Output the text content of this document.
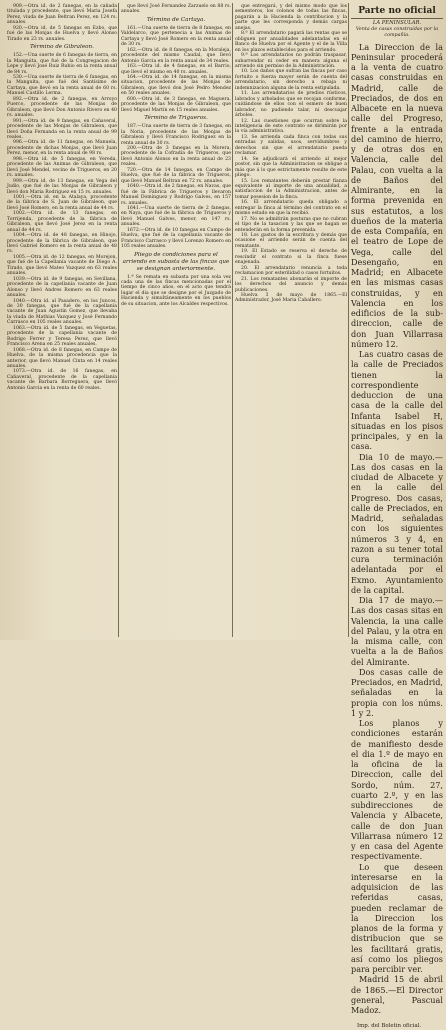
909.—Otra id. de 2 fanegas, en la cañada titulada y procedente, que llevó Maria Josefa Perez, viuda de Juan Beltran Perez, en 124 rs. anuales.

920.—Otra id. de 5 fanegas en Ezbo, que fué de las Monjas de Huelva y llevó Alonso Tirado en 23 rs. anuales.

Término de Gibraleon.

152.—Una suerte de 6 fanegas de tierra, en la Manguita, que fué de la Congregacion de Lepe y llevó José Ruiz Rubio en la renta anual de 84 rs.

530.—Una suerte de tierra de 6 fanegas, en la Manguita, que fué del Santísimo de Cartaya, que llevó en la renta anual de 60 rs. Manuel Castillo Lerma.

892.—Otra id. de 2 fanegas, en Arroyo Puerco, procedente de las Monjas de Gibraleon, que llevó Don Antonio Rivero en 40 rs. anuales.

991.—Otra id. de 9 fanegas, en Cañaveral, procedente de las Monjas de Gibraleon, que llevó Doña Fernanda en la renta anual de 99 reales.

996.—Otra id. de 11 fanegas, en Manuela, procedente de dichas Monjas, que llevó Juan Perez, menor, en la renta anual de 98 rs.

998.—Otra id. de 5 fanegas, en Vereda, procedente de las Animas de Gibraleon, que llevó José Mendel, vecino de Trigueros, en 20 rs. anuales.

999.—Otra id. de 13 fanegas, en Vega del Judío, que fué de las Monjas de Gibraleon y llevó don Maria Rodriguez en 15 rs. anuales.

1001.—Otra id. en la Atalaya, procedente de la fábrica de S. Juan de Gibraleon, que llevó José Romero, en la renta anual de 44 rs.

1002.—Otra id. de 13 fanegas, en Torrijenda, procedente de la fábrica de Gibraleon, que llevó José Jerez en la renta anual de 44 rs.

1004.—Otra id. de 48 fanegas, en Hinojo, procedente de la fábrica de Gibraleon, que llevó Gabriel Romero en la renta anual de 48 rs.

1005.—Otra id. de 12 fanegas, en Morejon, que fué de la Capellanía vacante de Diego A. Tirado, que llevó Mateo Vazquez en 63 reales anuales.

1039.—Otra id. de 9 fanegas, en Sevillana, procedente de la capellanía vacante de Juan Alonso y llevó Andres Romero en 63 reales anuales.

1040.—Otra id. al Pasadero, en los Juncos, de 30 fanegas, que fué de la capellanía vacante de Juan Agustin Gomez, que llevaba la viuda de Mathias Vazquez y José Fernando Carrasco en 105 reales anuales.

1063.—Otra id. de 5 fanegas, en Veguetas, procedente de la capellanía vacante de Rodrigo Ferrer y Teresa Perez, que llevó Francisco Arena en 25 reales anuales.

1068.—Otra id. de 8 fanegas, en Campo de Huelva, de la misma procedencia que la anterior, que llevó Manuel Cinta en 14 reales anuales.

1073.—Otra id. de 16 fanegas, en Cañaveral, procedente de la capellanía vacante de Barbara Borreguera, que llevó Antonio Garcia en la renta de 60 reales.

que llevó José Fernandez Zarzuelo en 88 rs. anuales.

Término de Cartaya.

161.—Una suerte de tierra de 8 fanegas, en Valdelarco, que pertenecia a las Animas de Cartaya y llevó José Romero en la renta anual de 30 rs.

162.—Otra id. de 8 fanegas, en la Moraleja, procedente del mismo Caudal, que llevó Antonio Garcia en la renta anual de 34 reales.

163.—Otra id. de 4 fanegas, en el Barrio, que llevó el mismo en 40 rs. anuales.

164.—Otra id. de 14 fanegas, en la misma situacion, procedente de las Monjas de Gibraleon, que llevó don José Pedro Mendez en 50 reales anuales.

600.—Otra id. de 3 fanegas, en Maguera, procedente de las Monjas de Gibraleon, que llevó Miguel Martín en 15 reales anuales.

Término de Trigueros.

187.—Una suerte de tierra de 3 fanegas, en la Noria, procedente de las Monjas de Gibraleon y llevó Francisco Rodriguez en la renta anual de 30 rs.

200.—Otra de 3 fanegas en la Morera, procedente de la Cofradía de Trigueros, que llevó Antonio Alonso en la renta anual de 23 reales.

720.—Otra de 14 fanegas, en Campo de Huelva, que fué de la fábrica de Trigueros, que llevó Manuel Beltran en 72 rs. anuales.

1640.—Otra id. de 2 fanegas, en Navas, que fué de la Fábrica de Trigueros y llevaron Manuel Domínguez y Rodrigo Galves, en 157 rs. anuales.

1641.—Una suerte de tierra de 2 fanegas, en Naya, que fué de la fábrica de Trigueros y llevó Manuel Galves, menor, en 147 rs. anuales.

1672.—Otra id. de 10 fanegas en Campo de Huelva, que fué de la capellanía vacante de Francisco Carrasco y llevó Lorenzo Romero en 105 reales anuales.

Pliego de condiciones para el arriendo en subasta de las fincas que se designan anteriormente.

1.ª Se remata en subasta por una sola vez cada una de las fincas mencionadas por el tiempo de cinco años, en el acto que tendrá lugar el dia que se designe por el Juzgado de Hacienda y simultáneamente en los pueblos de su situacion, ante los Alcaldes respectivos.

que entregará, y del mismo modo que los sementeros, los colonos de todas las fincas, pagarán a la Hacienda la contribucion y la parte que les corresponda y demás cargas anejas.

8.ª El arrendatario pagará las rentas que se obliguen por anualidades adelantadas en el Banco de Huelva por el Agente y el de la Villa en los plazos establecidos para el arriendo.

9.ª Los arrendatarios no podrán traspasar, subarrendar ni ceder en manera alguna el arriendo sin permiso de la Administración.

10. Los daños que sufran las fincas por caso fortuito o fuerza mayor serán de cuenta del arrendatario, sin derecho a rebaja ni indemnizacion alguna de la renta estipulada.

11. Los arrendatarios de predios rústicos, labrados y arbolados que se recojan conforme, cuidándose de ellos con el esmero de buen labrador, no pudiendo talar, ni descuajar árboles.

12. Las cuestiones que ocurran sobre la inteligencia de este contrato se dirimirán por la vía administrativa.

13. Se arrienda cada finca con todas sus entradas y salidas, usos, servidumbres y derechos sin que el arrendatario pueda reclamar.

14. Se adjudicará el arriendo al mejor postor, sin que la Administracion se obligue a más que á lo que estrictamente resulte de este pliego.

15. Los rematantes deberán prestar fianza equivalente al importe de una anualidad, a satisfaccion de la Administracion, antes de tomar posesion de la finca.

16. El arrendatario queda obligado a entregar la finca al término del contrato en el mismo estado en que la recibió.

17. No se admitirán posturas que no cubran el tipo de la tasacion y las que se hagan se entenderán en la forma prevenida.

18. Los gastos de la escritura y demás que ocasione el arriendo serán de cuenta del rematante.

19. El Estado se reserva el derecho de rescindir el contrato si la finca fuese enajenada.

20. El arrendatario renuncia a toda reclamacion por esterilidad o casos fortuitos.

21. Los rematantes abonarán el importe de los derechos del anuncio y demás publicaciones.

Huelva 3 de mayo de 1865.—El Administrador, José Maria Caballero.

Parte no oficial
LA PENINSULAR.
Venta de casas construidas por la compañía.

La Direccion de la Peninsular procederá a la venta de cuatro casas construidas en Madrid, calle de Preciados, de dos en Albacete en la nueva calle del Progreso, frente a la entrada del camino de hierro, y de otras dos en Valencia, calle del Palau, con vuelta a la de Baños del Almirante, en la forma prevenida en sus estatutos, a los dueños de la materia de esta Compañía, en el teatro de Lope de Vega, calle del Desengaño, en Madrid; en Albacete en las mismas casas construidas, y en Valencia en los edificios de la sub-direccion, calle de don Juan Villarrasa número 12.

Las cuatro casas de la calle de Preciados tienen la correspondiente deduccion de una casa de la calle del Infanta Isabel H, situadas en los pisos principales, y en la casa.

Dia 10 de mayo.—Las dos casas en la ciudad de Albacete y en la calle del Progreso. Dos casas, calle de Preciados, en Madrid, señaladas con los siguientes números 3 y 4, en razon a su tener total cura terminación adelantada por el Exmo. Ayuntamiento de la capital.

Dia 17 de mayo.—Las dos casas sitas en Valencia, la una calle del Palau, y la otra en la misma calle, con vuelta a la de Baños del Almirante.

Dos casas calle de Preciados, en Madrid, señaladas en la propia con los núms. 1 y 2.

Los planos y condiciones estarán de manifiesto desde el dia 1.º de mayo en la oficina de la Direccion, calle del Sordo, núm. 27, cuarto 2.º, y en las subdirecciones de Valencia y Albacete, calle de don Juan Villarrasa número 12 y en casa del Agente respectivamente.

Lo que deseen interesarse en la adquisicion de las referidas casas, pueden reclamar de la Direccion los planos de la forma y distribucion que se les facilitará gratis, así como los pliegos para percibir ver.

Madrid 15 de abril de 1865.—El Director general, Pascual Madoz.

Imp. del Boletin oficial.
